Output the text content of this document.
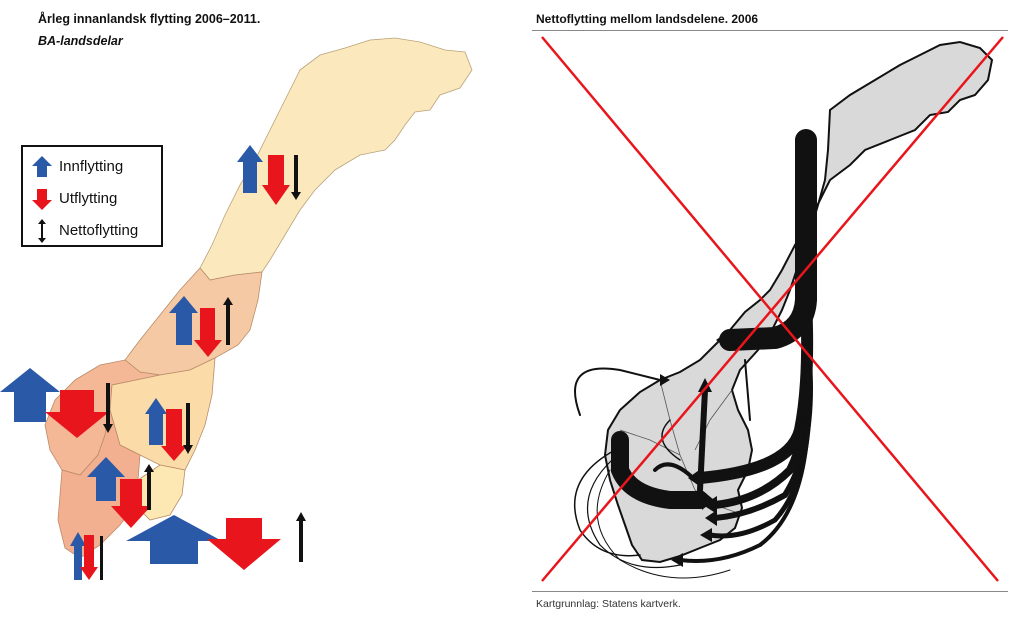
Årleg innanlandsk flytting 2006–2011.
BA-landsdelar
Innflytting
Utflytting
Nettoflytting
Nettoflytting mellom landsdelene. 2006
Kartgrunnlag: Statens kartverk.
